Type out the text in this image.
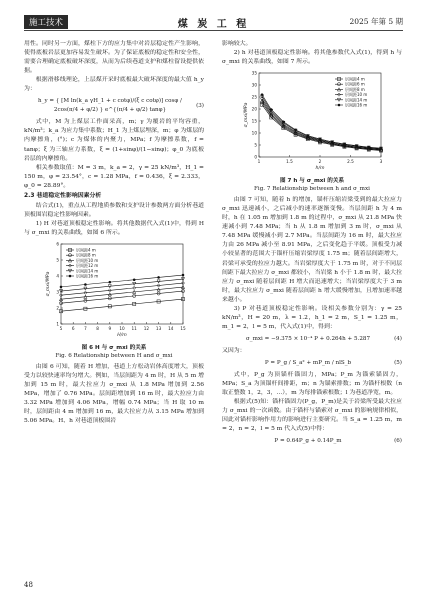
施工技术	煤 炭 工 程	2025 年第 5 期

用性。同时另一方面，煤柱下方的应力集中对岩层稳定性产生影响，使得底板岩层更加容易发生破坏。为了保证底板的稳定性和安全性，需要合理确定底板破坏深度，从而为后续巷道支护和煤柱留设提供依据。

根据滑移线理论，上层煤开采时底板最大破坏深度的最大值 h_y 为：

h_y = { [M ln(k_a γH_1 + c cotφ)/(ξ c cotφ)] cosφ / 2cos(π/4 + φ/2) } e^{(π/4 + φ/2) tanφ}
(3)

式中，M 为上煤层工作面采高，m；γ 为覆岩的平均容重，kN/m³；k_a 为应力集中系数；H_1 为上煤层埋深，m；φ 为煤层的内摩擦角，(°)；c 为煤体的内聚力，MPa；f 为摩擦系数，f = tanφ；ξ 为三轴应力系数，ξ = (1+sinφ)/(1−sinφ)；φ_0 为底板岩层的内摩擦角。

相关参数取值：M = 3 m，k_a = 2，γ = 25 kN/m³，H_1 = 150 m，φ = 23.54°，c = 1.28 MPa，f = 0.436，ξ = 2.333，φ_0 = 28.89°。

2.3 巷道稳定性影响因素分析

结合式(1)，重点从工程地质参数和支护设计参数两方面分析巷道顶板围岩稳定性影响因素。

1) H 对巷道顶板稳定性影响。将其他数据代入式(1)中，得到 H 与 σ_mxi 的关系曲线，如图 6 所示。

5 6 7 8 9 10 11 12 13 14 15
1
2
3
4
5
6
H/m
σ_mxi/MPa
层间距4 m
层间距8 m
层间距10 m
层间距12 m
层间距14 m
层间距16 m
图 6 H 与 σ_mxi 的关系
Fig. 6 Relationship between H and σ_mxi

由图 6 可知，随着 H 增加，巷道上方松动岩体高度增大，顶板受力以较快速率均匀增大。例如，当层间距为 4 m 时，H 从 5 m 增加到 15 m 时，最大拉应力 σ_mxi 从 1.8 MPa 增加到 2.56 MPa，增加了 0.76 MPa。层间距增加到 16 m 时，最大拉应力由 3.32 MPa 增加到 4.06 MPa，增幅 0.74 MPa；当 H 取 10 m 时，层间距由 4 m 增加到 16 m，最大拉应力从 3.15 MPa 增加到 5.06 MPa。H、h 对巷道顶板围岩

影响较大。

2) h 对巷道顶板稳定性影响。将其他参数代入式(1)，得到 h 与 σ_mxi 的关系曲线，如图 7 所示。

1	1.5	2	2.5	3
0
5
10
15
20
25
30
35
h/m
σ_mxi/MPa
层间距4 m
层间距6 m
层间距8 m
层间距10 m
层间距14 m
层间距16 m
图 7 h 与 σ_mxi 的关系
Fig. 7 Relationship between h and σ_mxi

由图 7 可知，随着 h 的增加，锚杆压缩岩梁受到的最大拉应力 σ_mxi 迅速减小，之后减小的速率逐渐变慢。当层间距 h 为 4 m 时，h 在 1.05 m 增加到 1.8 m 的过程中，σ_mxi 从 21.8 MPa 快速减小到 7.48 MPa；当 h 从 1.8 m 增加到 3 m 时，σ_mxi 从 7.48 MPa 缓慢减小到 2.7 MPa。当层间距为 16 m 时，最大拉应力由 26 MPa 减小至 8.91 MPa，之后变化趋于平缓。顶板受力减小较显著的范围大于锚杆压缩岩梁厚度 1.75 m；随着层间距增大，岩梁可承受的拉应力越大。当岩梁厚度大于 1.75 m 时，对于不同层间距下最大拉应力 σ_mxi 都较小，当岩梁 h 小于 1.8 m 时，最大拉应力 σ_mxi 随着层间距 H 增大而迅速增大；当岩梁厚度大于 3 m 时，最大拉应力 σ_mxi 随着层间距 h 增大缓慢增加，且增加速率越来越小。

3) P 对巷道顶板稳定性影响。设相关参数分别为：γ = 25 kN/m³，H = 20 m，λ = 1.2，h_1 = 2 m，S_1 = 1.25 m，m_1 = 2，l = 5 m，代入式(1)中，得到：

σ_mxi = −9.375 × 10⁻⁴ P + 0.264h + 5.287	(4)

又因为：

P = P_g / S_a² + mP_m / nlS_b	(5)

式中，P_g 为顶锚杆锚固力，MPa；P_m 为锚索锚固力，MPa；S_a 为顶锚杆间排距，m；n 为锚索排数；m 为锚杆根数（n 取正整数 1，2，3，…），m 为每排锚索根数；l 为巷道净宽，m。

根据式(5)知：锚杆锚固力(P_g，P_m)是关于岩梁所受最大拉应力 σ_mxi 的一次函数。由于锚杆与锚索对 σ_mxi 的影响规律相似，因此对锚杆影响作用力的影响进行主要研究。当 S_a = 1.25 m，m = 2，n = 2，l = 5 m 代入式(5)中得：

P = 0.64P_g + 0.14P_m	(6)
48
